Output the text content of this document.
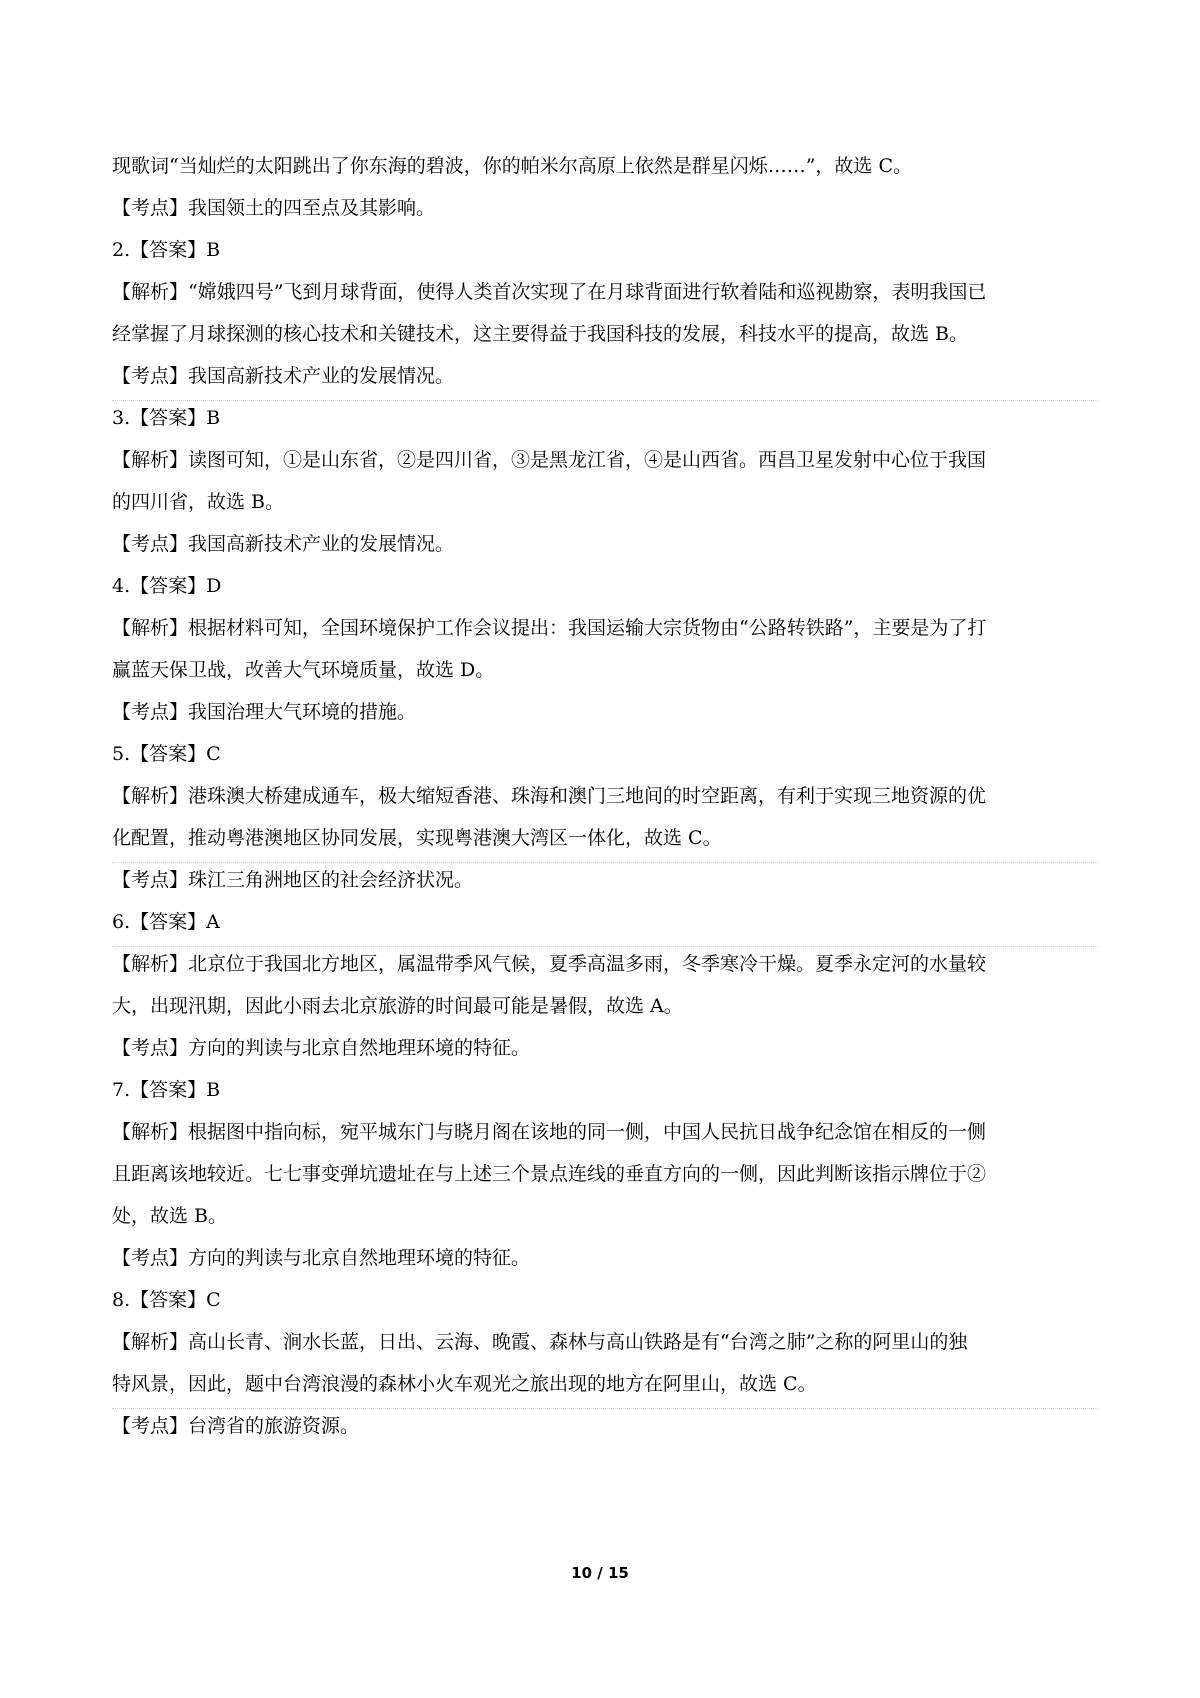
现歌词“当灿烂的太阳跳出了你东海的碧波，你的帕米尔高原上依然是群星闪烁……”，故选 C。
【考点】我国领土的四至点及其影响。
2.【答案】B
【解析】“嫦娥四号”飞到月球背面，使得人类首次实现了在月球背面进行软着陆和巡视勘察，表明我国已
经掌握了月球探测的核心技术和关键技术，这主要得益于我国科技的发展，科技水平的提高，故选 B。
【考点】我国高新技术产业的发展情况。
3.【答案】B
【解析】读图可知，①是山东省，②是四川省，③是黑龙江省，④是山西省。西昌卫星发射中心位于我国
的四川省，故选 B。
【考点】我国高新技术产业的发展情况。
4.【答案】D
【解析】根据材料可知，全国环境保护工作会议提出：我国运输大宗货物由“公路转铁路”，主要是为了打
赢蓝天保卫战，改善大气环境质量，故选 D。
【考点】我国治理大气环境的措施。
5.【答案】C
【解析】港珠澳大桥建成通车，极大缩短香港、珠海和澳门三地间的时空距离，有利于实现三地资源的优
化配置，推动粤港澳地区协同发展，实现粤港澳大湾区一体化，故选 C。
【考点】珠江三角洲地区的社会经济状况。
6.【答案】A
【解析】北京位于我国北方地区，属温带季风气候，夏季高温多雨，冬季寒冷干燥。夏季永定河的水量较
大，出现汛期，因此小雨去北京旅游的时间最可能是暑假，故选 A。
【考点】方向的判读与北京自然地理环境的特征。
7.【答案】B
【解析】根据图中指向标，宛平城东门与晓月阁在该地的同一侧，中国人民抗日战争纪念馆在相反的一侧
且距离该地较近。七七事变弹坑遗址在与上述三个景点连线的垂直方向的一侧，因此判断该指示牌位于②
处，故选 B。
【考点】方向的判读与北京自然地理环境的特征。
8.【答案】C
【解析】高山长青、涧水长蓝，日出、云海、晚霞、森林与高山铁路是有“台湾之肺”之称的阿里山的独
特风景，因此，题中台湾浪漫的森林小火车观光之旅出现的地方在阿里山，故选 C。
【考点】台湾省的旅游资源。
10 / 15
